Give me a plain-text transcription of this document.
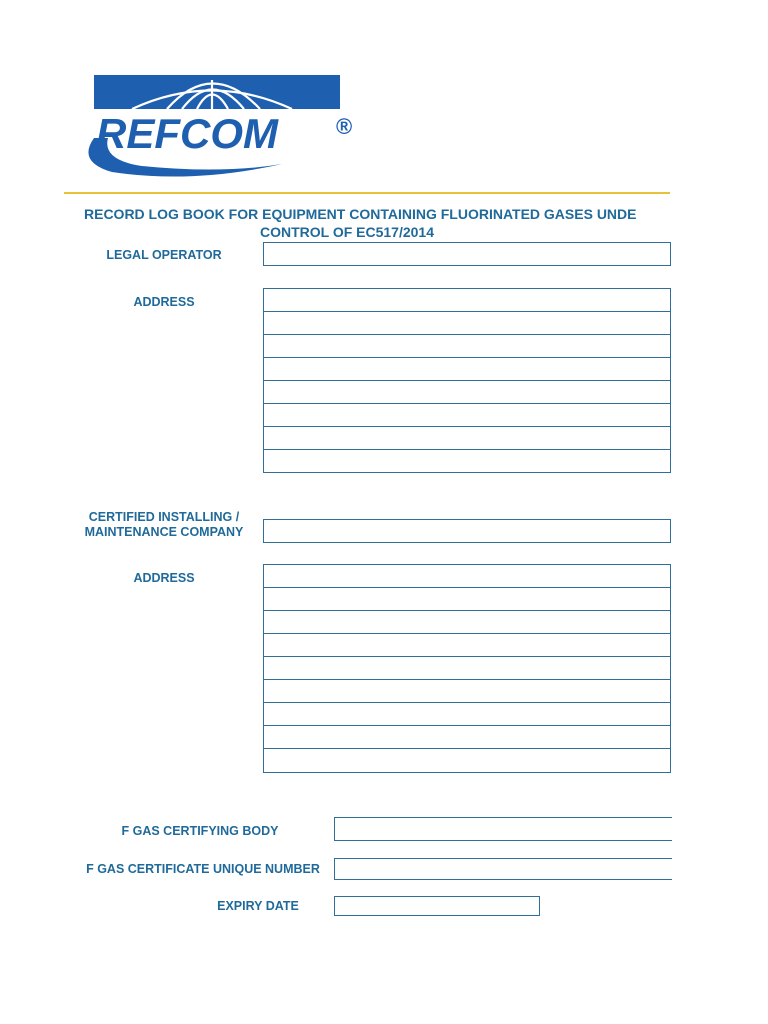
REFCOM	®
RECORD LOG BOOK FOR EQUIPMENT CONTAINING FLUORINATED GASES UNDE
CONTROL OF EC517/2014
LEGAL OPERATOR
ADDRESS
CERTIFIED INSTALLING /
MAINTENANCE COMPANY
ADDRESS
F GAS CERTIFYING BODY
F GAS CERTIFICATE UNIQUE NUMBER
EXPIRY DATE
